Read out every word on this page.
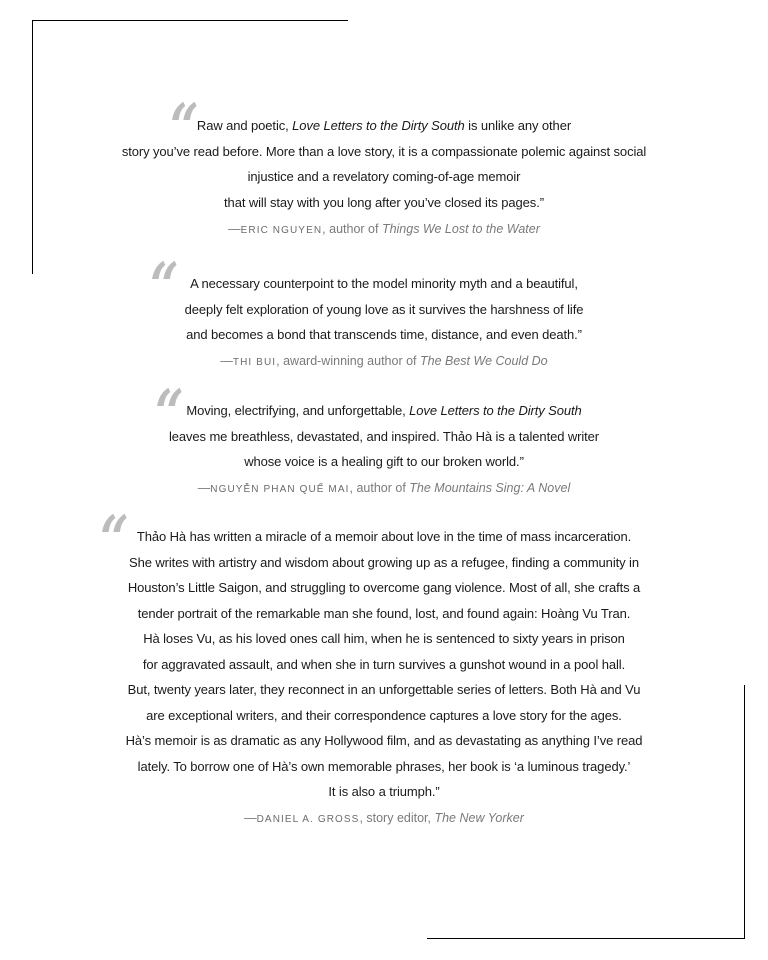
“
Raw and poetic, Love Letters to the Dirty South is unlike any other
story you’ve read before. More than a love story, it is a compassionate polemic against social
injustice and a revelatory coming-of-age memoir
that will stay with you long after you’ve closed its pages.”
—ERIC NGUYEN, author of Things We Lost to the Water
“ A necessary counterpoint to the model minority myth and a beautiful,
deeply felt exploration of young love as it survives the harshness of life
and becomes a bond that transcends time, distance, and even death.”
—THI BUI, award-winning author of The Best We Could Do
“ Moving, electrifying, and unforgettable, Love Letters to the Dirty South
leaves me breathless, devastated, and inspired. Thảo Hà is a talented writer
whose voice is a healing gift to our broken world.”
—NGUYỄN PHAN QUẾ MAI, author of The Mountains Sing: A Novel
“ Thảo Hà has written a miracle of a memoir about love in the time of mass incarceration.
She writes with artistry and wisdom about growing up as a refugee, finding a community in
Houston’s Little Saigon, and struggling to overcome gang violence. Most of all, she crafts a
tender portrait of the remarkable man she found, lost, and found again: Hoàng Vu Tran.
Hà loses Vu, as his loved ones call him, when he is sentenced to sixty years in prison
for aggravated assault, and when she in turn survives a gunshot wound in a pool hall.
But, twenty years later, they reconnect in an unforgettable series of letters. Both Hà and Vu
are exceptional writers, and their correspondence captures a love story for the ages.
Hà’s memoir is as dramatic as any Hollywood film, and as devastating as anything I’ve read
lately. To borrow one of Hà’s own memorable phrases, her book is ‘a luminous tragedy.’
It is also a triumph.”
—DANIEL A. GROSS, story editor, The New Yorker
